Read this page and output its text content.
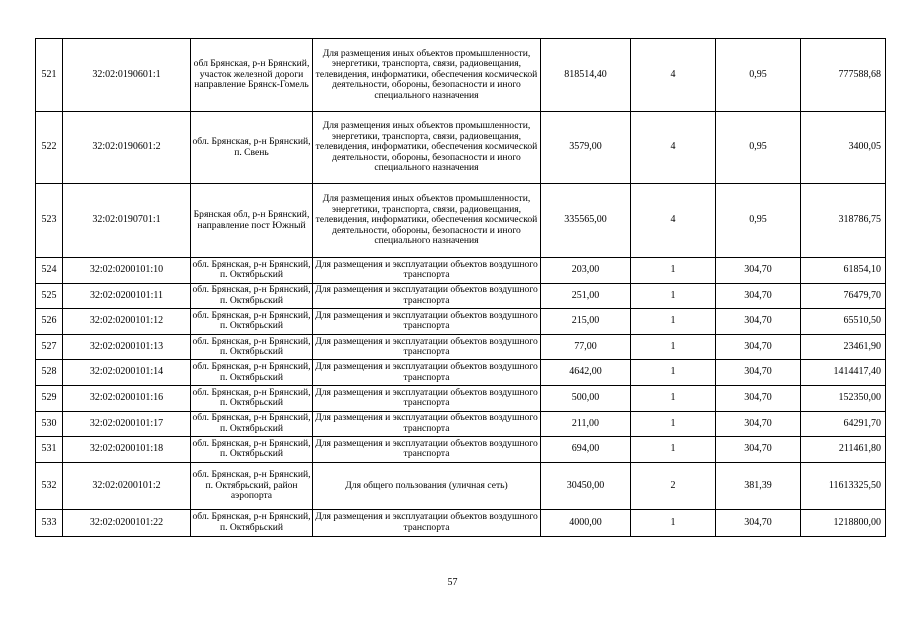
521	32:02:0190601:1	обл Брянская, р-н Брянский, участок железной дороги направление Брянск-Гомель	Для размещения иных объектов промышленности, энергетики, транспорта, связи, радиовещания, телевидения, информатики, обеспечения космической деятельности, обороны, безопасности и иного специального назначения	818514,40	4	0,95	777588,68
522	32:02:0190601:2	обл. Брянская, р-н Брянский, п. Свень	Для размещения иных объектов промышленности, энергетики, транспорта, связи, радиовещания, телевидения, информатики, обеспечения космической деятельности, обороны, безопасности и иного специального назначения	3579,00	4	0,95	3400,05
523	32:02:0190701:1	Брянская обл, р-н Брянский, направление пост Южный	Для размещения иных объектов промышленности, энергетики, транспорта, связи, радиовещания, телевидения, информатики, обеспечения космической деятельности, обороны, безопасности и иного специального назначения	335565,00	4	0,95	318786,75
524	32:02:0200101:10	обл. Брянская, р-н Брянский, п. Октябрьский	Для размещения и эксплуатации объектов воздушного транспорта	203,00	1	304,70	61854,10
525	32:02:0200101:11	обл. Брянская, р-н Брянский, п. Октябрьский	Для размещения и эксплуатации объектов воздушного транспорта	251,00	1	304,70	76479,70
526	32:02:0200101:12	обл. Брянская, р-н Брянский, п. Октябрьский	Для размещения и эксплуатации объектов воздушного транспорта	215,00	1	304,70	65510,50
527	32:02:0200101:13	обл. Брянская, р-н Брянский, п. Октябрьский	Для размещения и эксплуатации объектов воздушного транспорта	77,00	1	304,70	23461,90
528	32:02:0200101:14	обл. Брянская, р-н Брянский, п. Октябрьский	Для размещения и эксплуатации объектов воздушного транспорта	4642,00	1	304,70	1414417,40
529	32:02:0200101:16	обл. Брянская, р-н Брянский, п. Октябрьский	Для размещения и эксплуатации объектов воздушного транспорта	500,00	1	304,70	152350,00
530	32:02:0200101:17	обл. Брянская, р-н Брянский, п. Октябрьский	Для размещения и эксплуатации объектов воздушного транспорта	211,00	1	304,70	64291,70
531	32:02:0200101:18	обл. Брянская, р-н Брянский, п. Октябрьский	Для размещения и эксплуатации объектов воздушного транспорта	694,00	1	304,70	211461,80
532	32:02:0200101:2	обл. Брянская, р-н Брянский, п. Октябрьский, район аэропорта	Для общего пользования (уличная сеть)	30450,00	2	381,39	11613325,50
533	32:02:0200101:22	обл. Брянская, р-н Брянский, п. Октябрьский	Для размещения и эксплуатации объектов воздушного транспорта	4000,00	1	304,70	1218800,00
57
